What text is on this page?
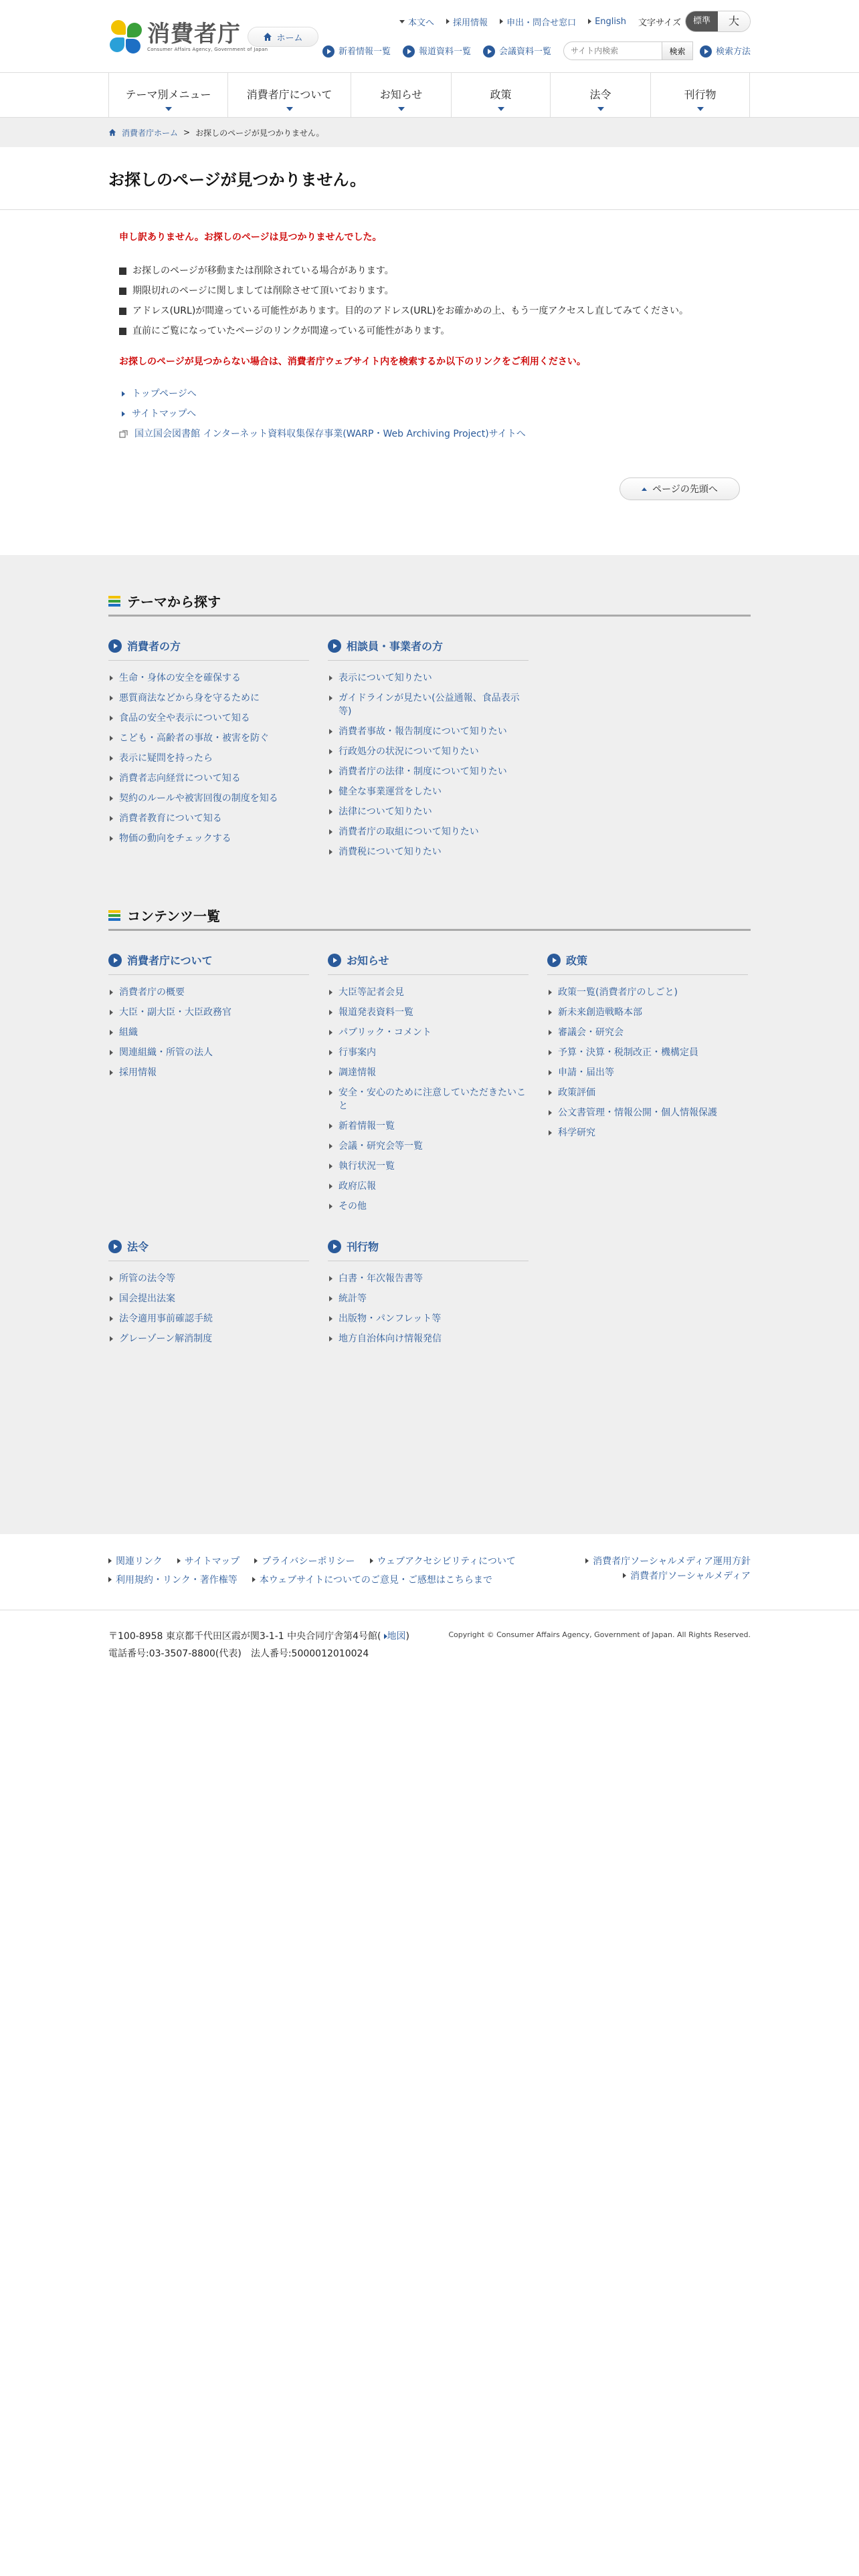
消費者庁
Consumer Affairs Agency, Government of Japan
ホーム
本文へ 採用情報 申出・問合せ窓口 English 文字サイズ	標準	大
新着情報一覧	報道資料一覧	会議資料一覧
サイト内検索	検索	検索方法
テーマ別メニュー	消費者庁について	お知らせ	政策	法令	刊行物
消費者庁ホーム > お探しのページが見つかりません。
お探しのページが見つかりません。

申し訳ありません。お探しのページは見つかりませんでした。

お探しのページが移動または削除されている場合があります。
期限切れのページに関しましては削除させて頂いております。
アドレス(URL)が間違っている可能性があります。目的のアドレス(URL)をお確かめの上、もう一度アクセスし直してみてください。
直前にご覧になっていたページのリンクが間違っている可能性があります。

お探しのページが見つからない場合は、消費者庁ウェブサイト内を検索するか以下のリンクをご利用ください。

トップページへ
サイトマップへ
国立国会図書館 インターネット資料収集保存事業(WARP・Web Archiving Project)サイトへ
ページの先頭へ
テーマから探す
消費者の方
生命・身体の安全を確保する
悪質商法などから身を守るために
食品の安全や表示について知る
こども・高齢者の事故・被害を防ぐ
表示に疑問を持ったら
消費者志向経営について知る
契約のルールや被害回復の制度を知る
消費者教育について知る
物価の動向をチェックする
相談員・事業者の方
表示について知りたい
ガイドラインが見たい(公益通報、食品表示等)
消費者事故・報告制度について知りたい
行政処分の状況について知りたい
消費者庁の法律・制度について知りたい
健全な事業運営をしたい
法律について知りたい
消費者庁の取組について知りたい
消費税について知りたい
コンテンツ一覧
消費者庁について
消費者庁の概要
大臣・副大臣・大臣政務官
組織
関連組織・所管の法人
採用情報
お知らせ
大臣等記者会見
報道発表資料一覧
パブリック・コメント
行事案内
調達情報
安全・安心のために注意していただきたいこと
新着情報一覧
会議・研究会等一覧
執行状況一覧
政府広報
その他
政策
政策一覧(消費者庁のしごと)
新未来創造戦略本部
審議会・研究会
予算・決算・税制改正・機構定員
申請・届出等
政策評価
公文書管理・情報公開・個人情報保護
科学研究
法令
所管の法令等
国会提出法案
法令適用事前確認手続
グレーゾーン解消制度
刊行物
白書・年次報告書等
統計等
出版物・パンフレット等
地方自治体向け情報発信
関連リンク サイトマップ プライバシーポリシー ウェブアクセシビリティについて
利用規約・リンク・著作権等 本ウェブサイトについてのご意見・ご感想はこちらまで
消費者庁ソーシャルメディア運用方針
消費者庁ソーシャルメディア
〒100-8958 東京都千代田区霞が関3-1-1 中央合同庁舎第4号館( 地図)
電話番号:03-3507-8800(代表)　法人番号:5000012010024
Copyright © Consumer Affairs Agency, Government of Japan. All Rights Reserved.
